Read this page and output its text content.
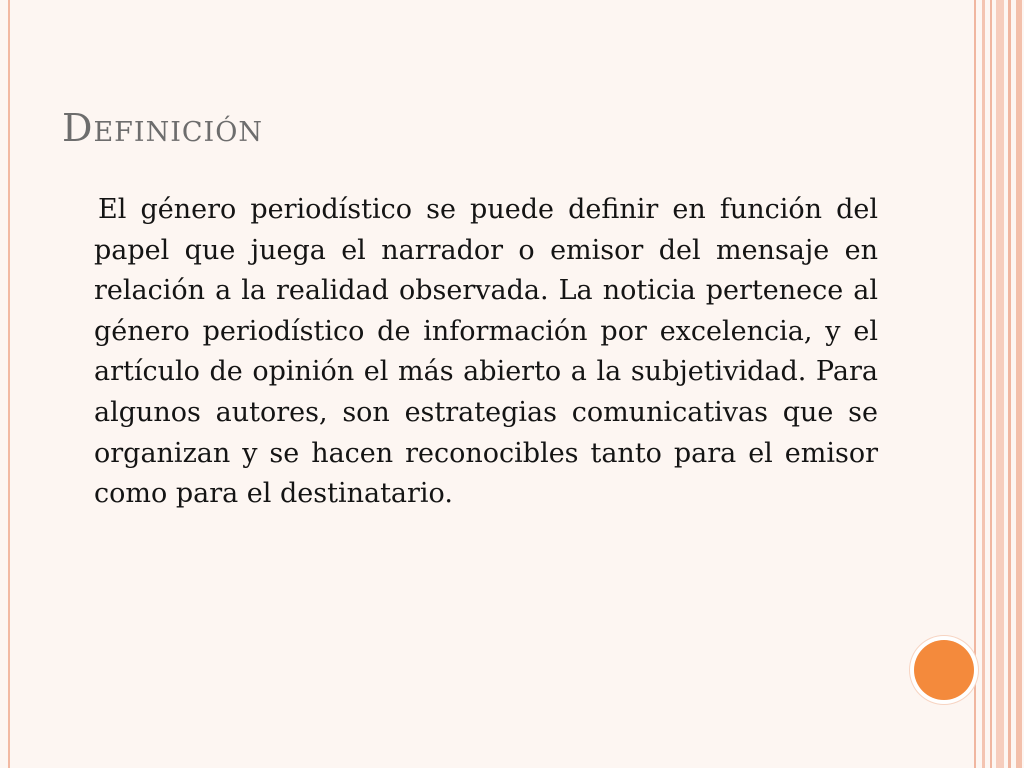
Definición

El género periodístico se puede definir en función del papel que juega el narrador o emisor del mensaje en relación a la realidad observada. La noticia pertenece al género periodístico de información por excelencia, y el artículo de opinión el más abierto a la subjetividad. Para algunos autores, son estrategias comunicativas que se organizan y se hacen reconocibles tanto para el emisor como para el destinatario.
